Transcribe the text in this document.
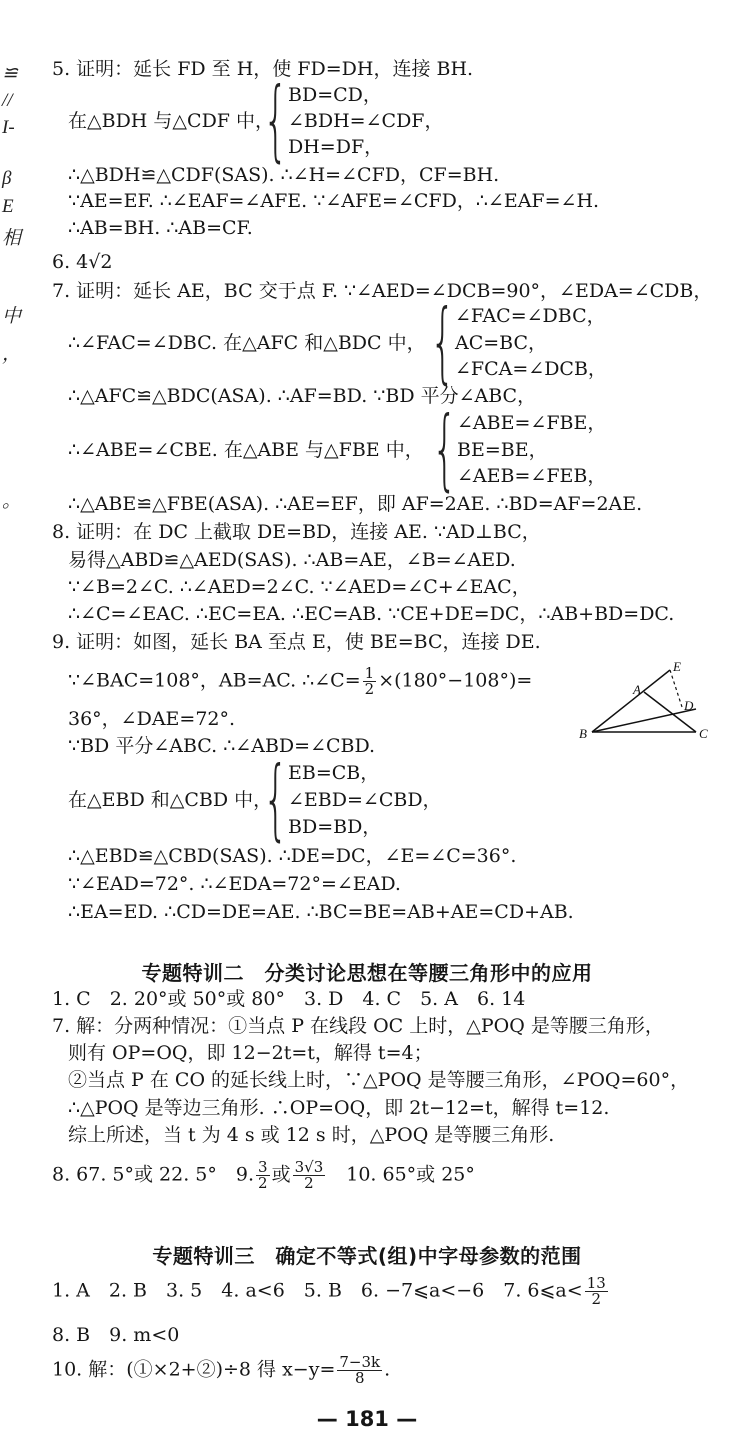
≌
//
I-
β
E
相
中
，
。
5. 证明：延长 FD 至 H，使 FD=DH，连接 BH.
在△BDH 与△CDF 中，
{ BD=CD，
∠BDH=∠CDF，
DH=DF，
∴△BDH≌△CDF(SAS). ∴∠H=∠CFD，CF=BH.
∵AE=EF. ∴∠EAF=∠AFE. ∵∠AFE=∠CFD，∴∠EAF=∠H.
∴AB=BH. ∴AB=CF.
6. 4√2
7. 证明：延长 AE，BC 交于点 F. ∵∠AED=∠DCB=90°，∠EDA=∠CDB，
∴∠FAC=∠DBC. 在△AFC 和△BDC 中， { ∠FAC=∠DBC，
AC=BC，
∠FCA=∠DCB，
∴△AFC≌△BDC(ASA). ∴AF=BD. ∵BD 平分∠ABC，
∴∠ABE=∠CBE. 在△ABE 与△FBE 中， { ∠ABE=∠FBE，
BE=BE，
∠AEB=∠FEB，
∴△ABE≌△FBE(ASA). ∴AE=EF，即 AF=2AE. ∴BD=AF=2AE.
8. 证明：在 DC 上截取 DE=BD，连接 AE. ∵AD⊥BC，
易得△ABD≌△AED(SAS). ∴AB=AE，∠B=∠AED.
∵∠B=2∠C. ∴∠AED=2∠C. ∵∠AED=∠C+∠EAC，
∴∠C=∠EAC. ∴EC=EA. ∴EC=AB. ∵CE+DE=DC，∴AB+BD=DC.
9. 证明：如图，延长 BA 至点 E，使 BE=BC，连接 DE.
∵∠BAC=108°，AB=AC. ∴∠C= $\frac{1}{2} \times(180^\circ-108^\circ)=$
36°，∠DAE=72°.
∵BD 平分∠ABC. ∴∠ABD=∠CBD.
在△EBD 和△CBD 中，
{ EB=CB，
∠EBD=∠CBD，
BD=BD，
∴△EBD≌△CBD(SAS). ∴DE=DC，∠E=∠C=36°.
∵∠EAD=72°. ∴∠EDA=72°=∠EAD.
∴EA=ED. ∴CD=DE=AE. ∴BC=BE=AB+AE=CD+AB.
E
A
D
B	C
专题特训二　分类讨论思想在等腰三角形中的应用
1. C　2. 20°或 50°或 80°　3. D　4. C　5. A　6. 14
7. 解：分两种情况：①当点 P 在线段 OC 上时，△POQ 是等腰三角形，
则有 OP=OQ，即 12−2t=t，解得 t=4；
②当点 P 在 CO 的延长线上时，∵△POQ 是等腰三角形，∠POQ=60°，
∴△POQ 是等边三角形. ∴OP=OQ，即 2t−12=t，解得 t=12.
综上所述，当 t 为 4 s 或 12 s 时，△POQ 是等腰三角形.
8. 67. 5°或 22. 5°　9. $\frac{3}{2}$ 或 $\frac{3√3}{2}$ 　10. 65°或 25°
专题特训三　确定不等式(组)中字母参数的范围
1. A　2. B　3. 5　4. a<6　5. B　6. −7⩽a<−6　7. 6⩽a< $\frac{13}{2}$
8. B　9. m<0
10. 解：(①×2+②)÷8 得 $x-y= \frac{7-3k}{8}$ .
— 181 —
